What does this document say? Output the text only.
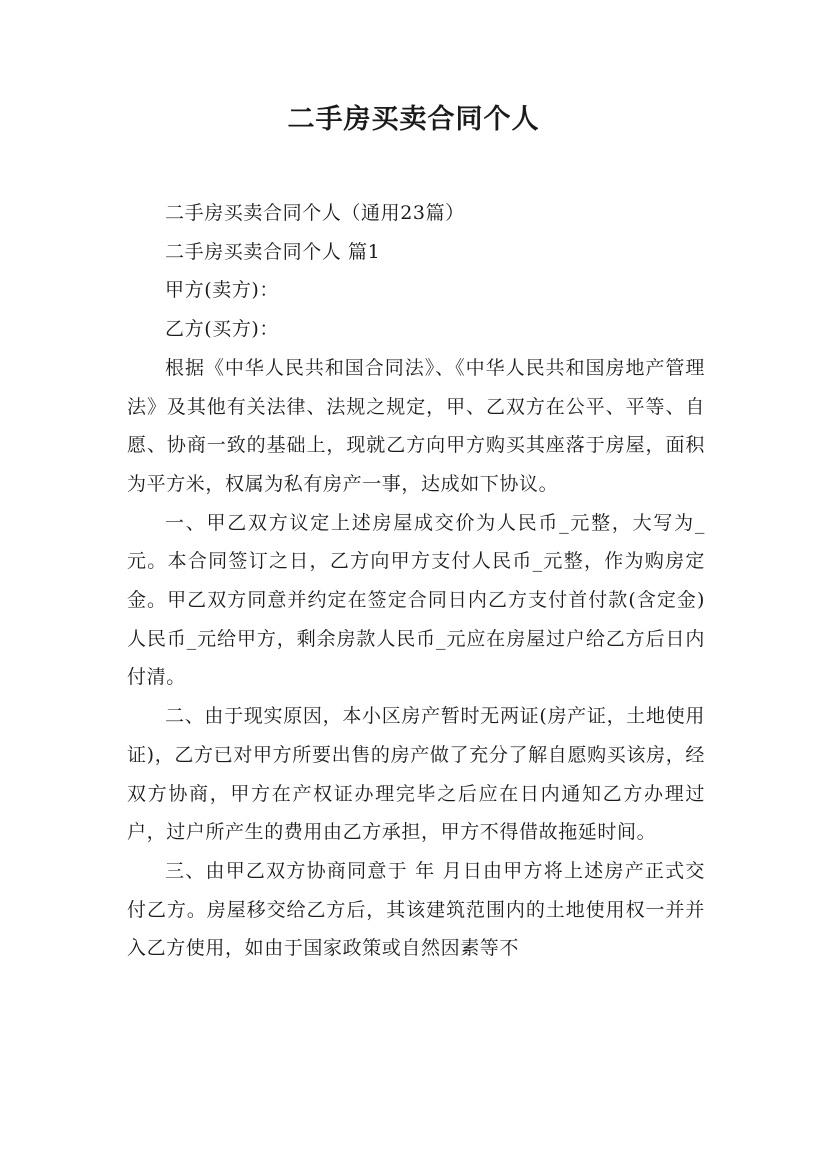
二手房买卖合同个人

二手房买卖合同个人（通用23篇）

二手房买卖合同个人 篇1

甲方(卖方)：

乙方(买方)：

根据《中华人民共和国合同法》、《中华人民共和国房地产管理法》及其他有关法律、法规之规定，甲、乙双方在公平、平等、自愿、协商一致的基础上，现就乙方向甲方购买其座落于房屋，面积为平方米，权属为私有房产一事，达成如下协议。

一、甲乙双方议定上述房屋成交价为人民币_元整，大写为_元。本合同签订之日，乙方向甲方支付人民币_元整，作为购房定金。甲乙双方同意并约定在签定合同日内乙方支付首付款(含定金)人民币_元给甲方，剩余房款人民币_元应在房屋过户给乙方后日内付清。

二、由于现实原因，本小区房产暂时无两证(房产证，土地使用证)，乙方已对甲方所要出售的房产做了充分了解自愿购买该房，经双方协商，甲方在产权证办理完毕之后应在日内通知乙方办理过户，过户所产生的费用由乙方承担，甲方不得借故拖延时间。

三、由甲乙双方协商同意于 年 月日由甲方将上述房产正式交付乙方。房屋移交给乙方后，其该建筑范围内的土地使用权一并并入乙方使用，如由于国家政策或自然因素等不
